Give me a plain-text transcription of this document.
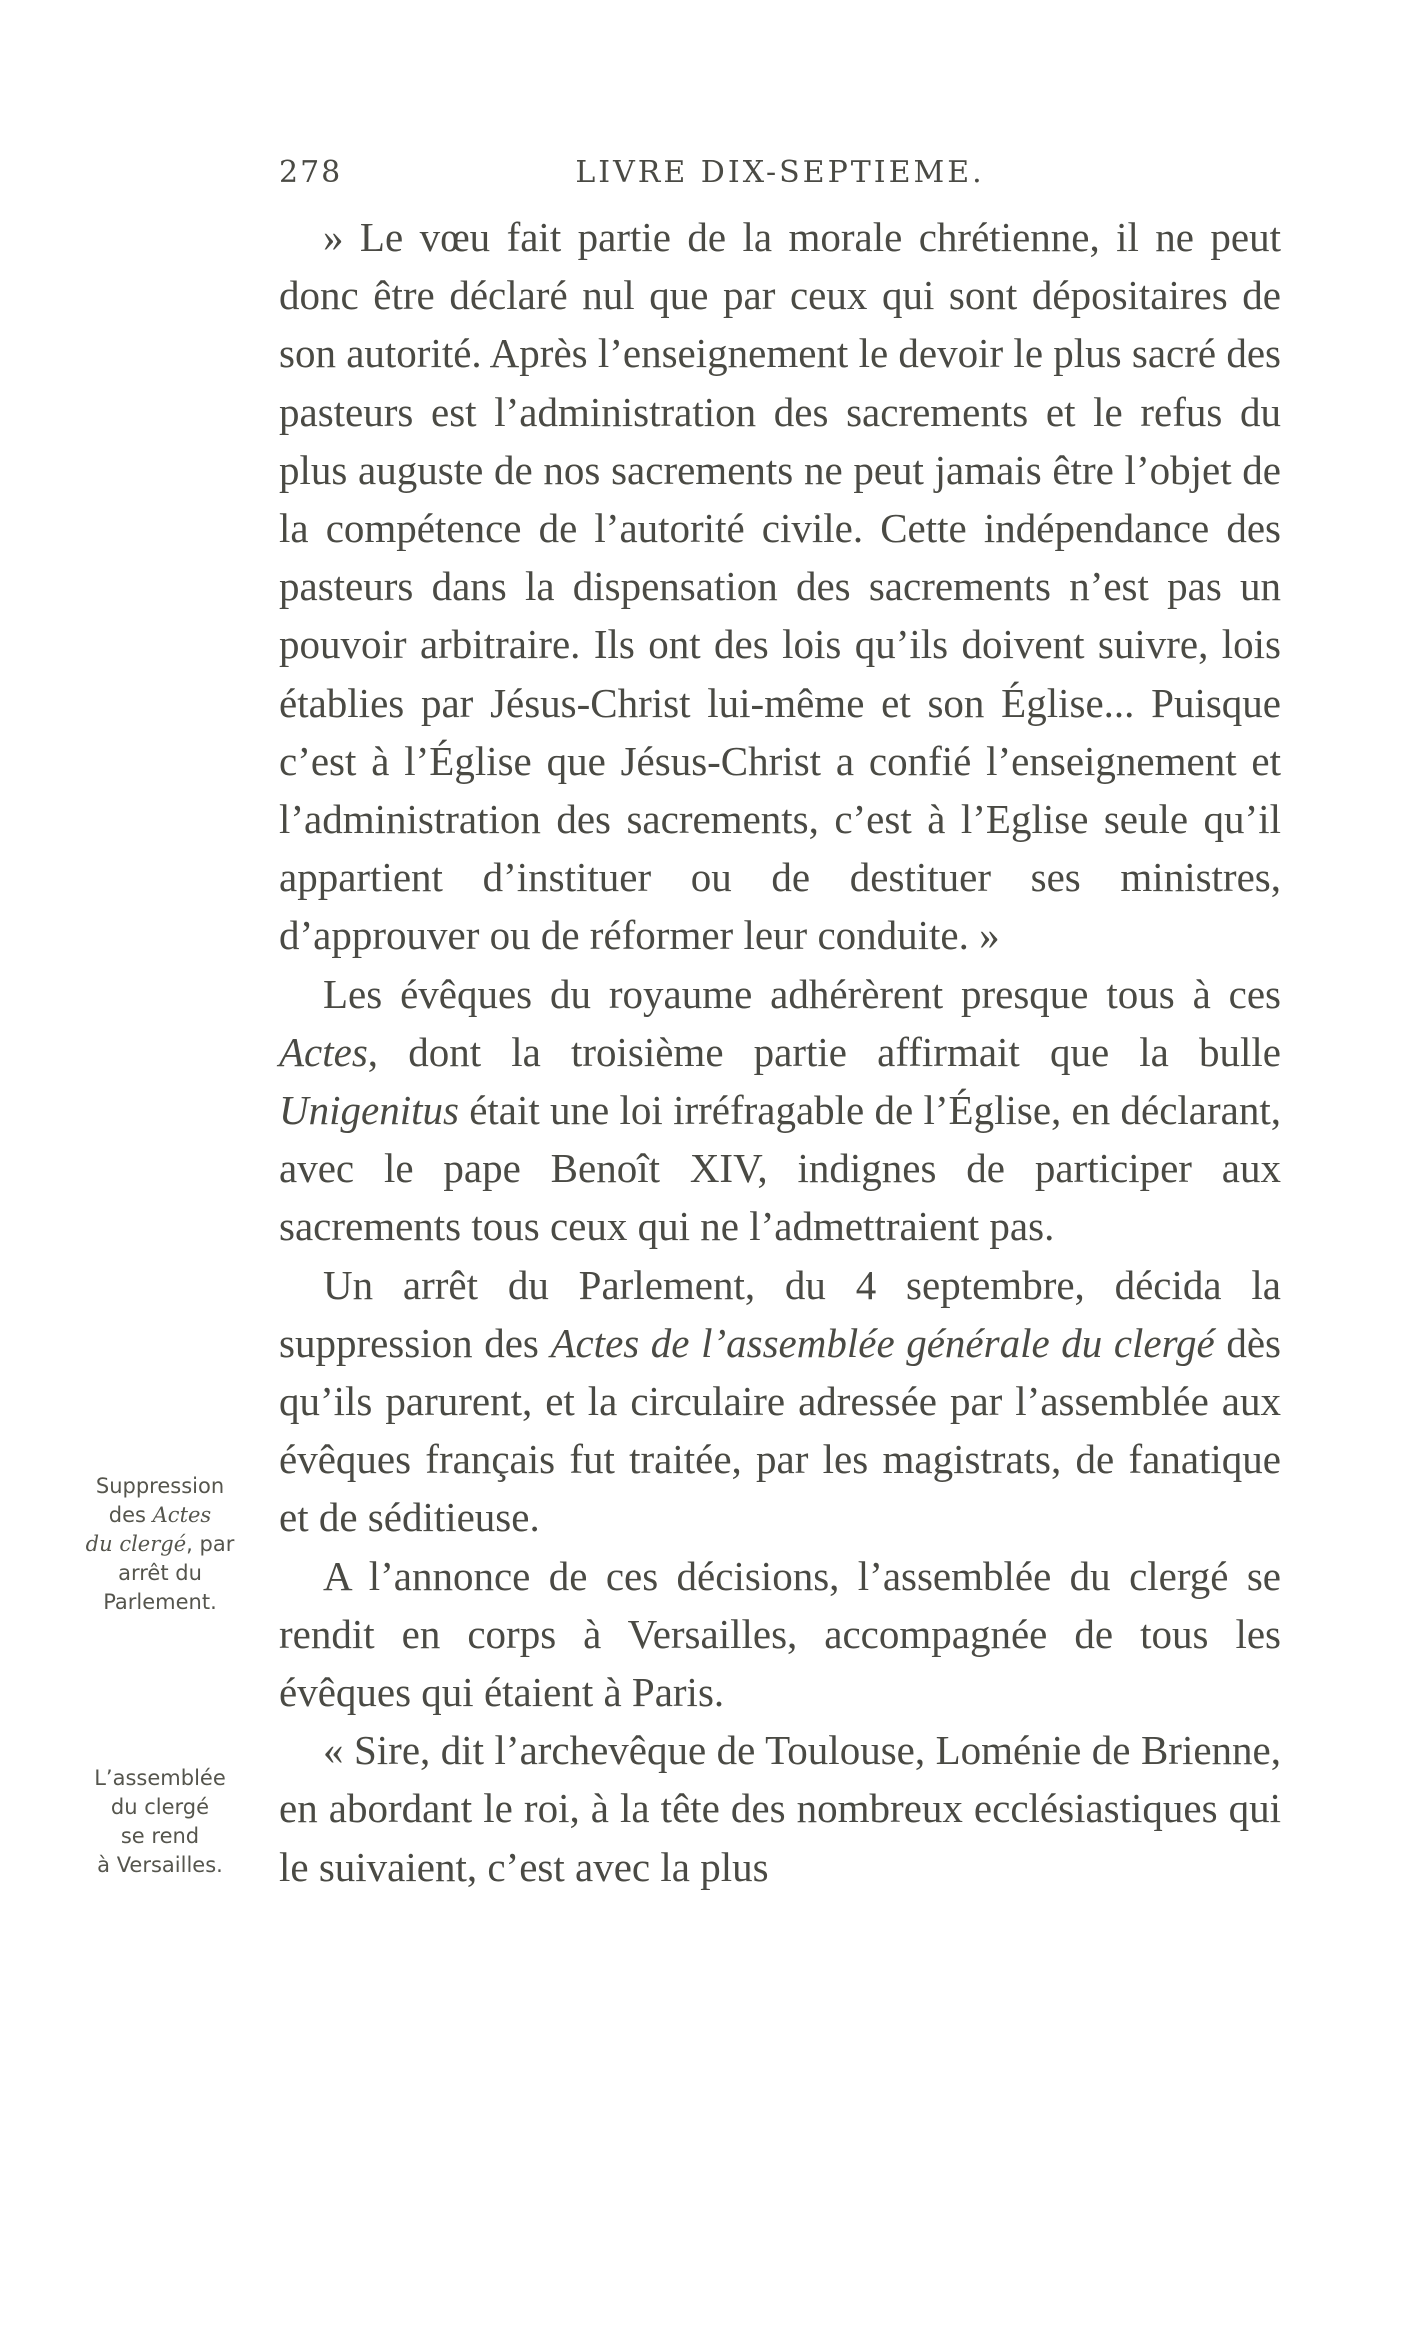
278	LIVRE DIX-SEPTIEME.

» Le vœu fait partie de la morale chrétienne, il ne peut donc être déclaré nul que par ceux qui sont dépositaires de son autorité. Après l’enseignement le devoir le plus sacré des pasteurs est l’administration des sacrements et le refus du plus auguste de nos sacrements ne peut jamais être l’objet de la compétence de l’autorité civile. Cette indépendance des pasteurs dans la dispensation des sacrements n’est pas un pouvoir arbitraire. Ils ont des lois qu’ils doivent suivre, lois établies par Jésus-Christ lui-même et son Église... Puisque c’est à l’Église que Jésus-Christ a confié l’enseignement et l’administration des sacrements, c’est à l’Eglise seule qu’il appartient d’instituer ou de destituer ses ministres, d’approuver ou de réformer leur conduite. »

Les évêques du royaume adhérèrent presque tous à ces Actes, dont la troisième partie affirmait que la bulle Unigenitus était une loi irréfragable de l’Église, en déclarant, avec le pape Benoît XIV, indignes de participer aux sacrements tous ceux qui ne l’admettraient pas.

Un arrêt du Parlement, du 4 septembre, décida la suppression des Actes de l’assemblée générale du clergé dès qu’ils parurent, et la circulaire adressée par l’assemblée aux évêques français fut traitée, par les magistrats, de fanatique et de séditieuse.

A l’annonce de ces décisions, l’assemblée du clergé se rendit en corps à Versailles, accompagnée de tous les évêques qui étaient à Paris.

« Sire, dit l’archevêque de Toulouse, Loménie de Brienne, en abordant le roi, à la tête des nombreux ecclésiastiques qui le suivaient, c’est avec la plus

Suppression
des Actes
du clergé, par
arrêt du
Parlement.
L’assemblée
du clergé
se rend
à Versailles.
